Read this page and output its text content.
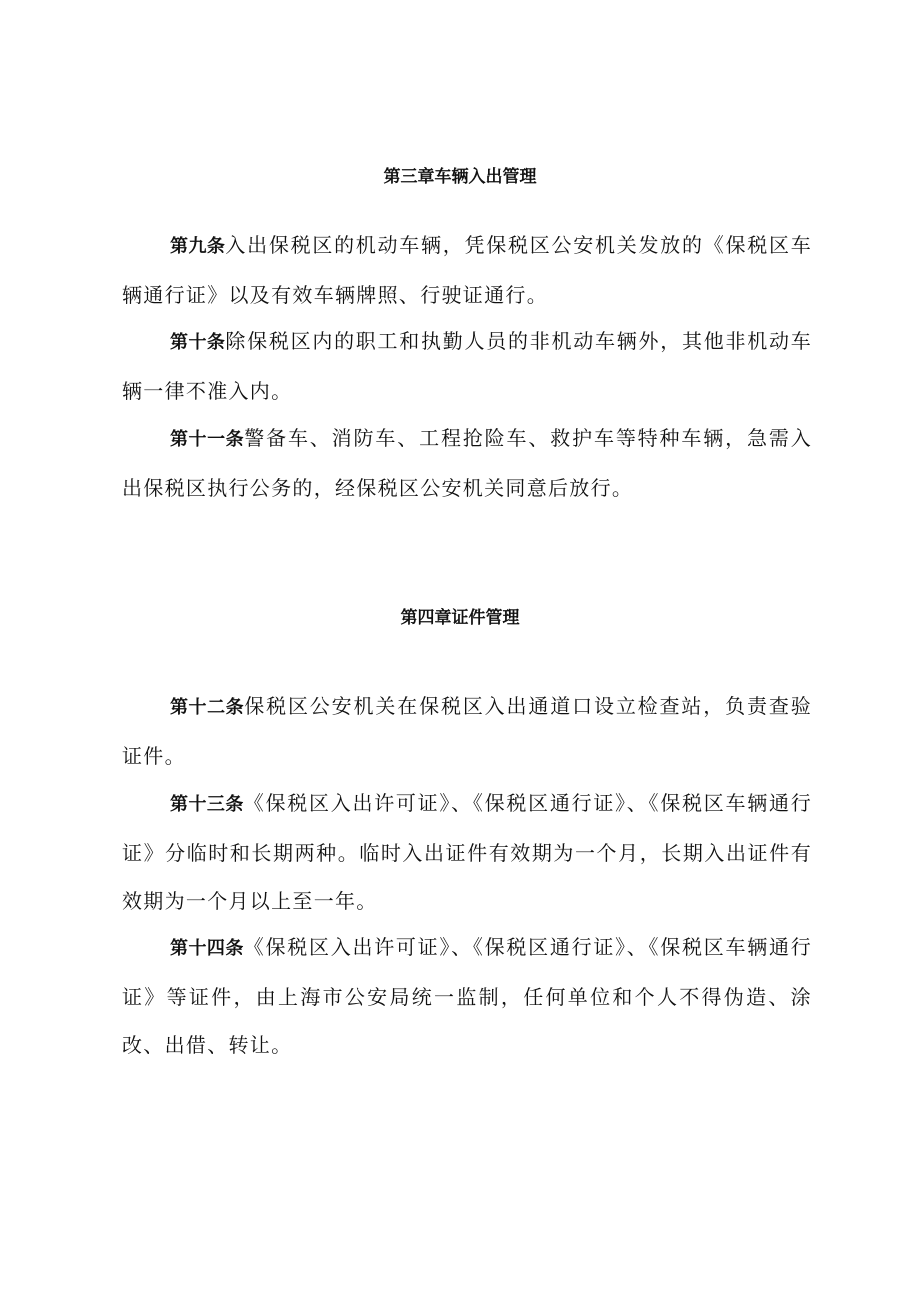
第三章车辆入出管理

第九条入出保税区的机动车辆，凭保税区公安机关发放的《保税区车辆通行证》以及有效车辆牌照、行驶证通行。

第十条除保税区内的职工和执勤人员的非机动车辆外，其他非机动车辆一律不准入内。

第十一条警备车、消防车、工程抢险车、救护车等特种车辆，急需入出保税区执行公务的，经保税区公安机关同意后放行。

第四章证件管理

第十二条保税区公安机关在保税区入出通道口设立检查站，负责查验证件。

第十三条《保税区入出许可证》、《保税区通行证》、《保税区车辆通行证》分临时和长期两种。临时入出证件有效期为一个月，长期入出证件有效期为一个月以上至一年。

第十四条《保税区入出许可证》、《保税区通行证》、《保税区车辆通行证》等证件，由上海市公安局统一监制，任何单位和个人不得伪造、涂改、出借、转让。
